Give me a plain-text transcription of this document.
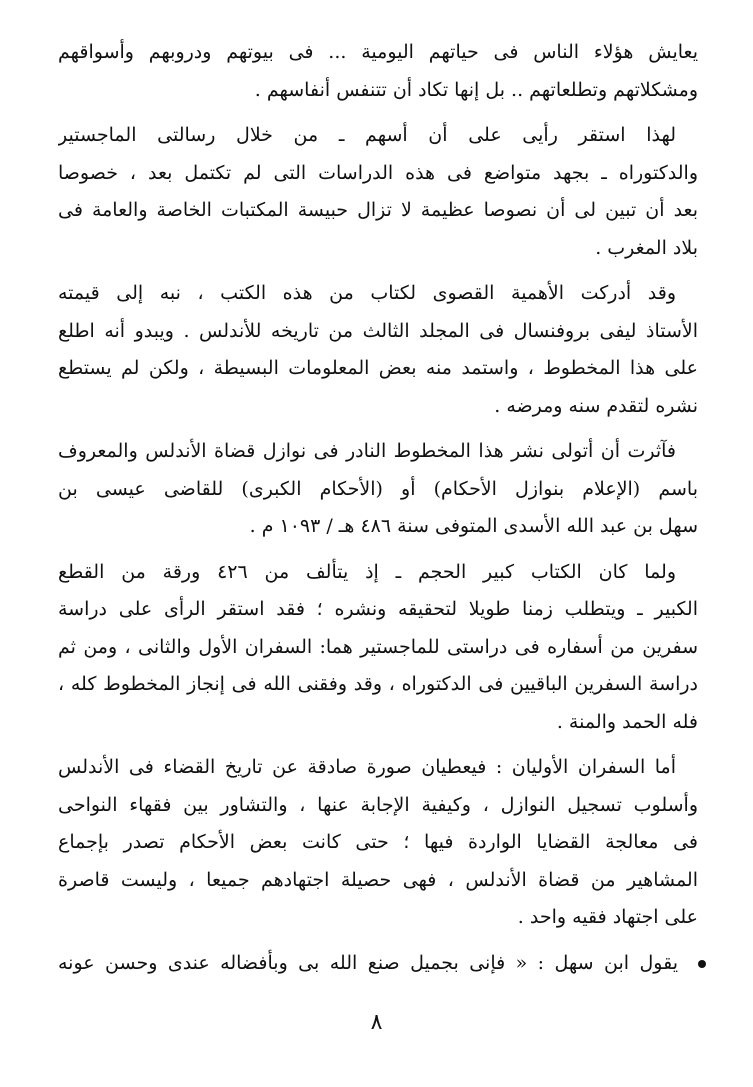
يعايش هؤلاء الناس فى حياتهم اليومية ... فى بيوتهم ودروبهم وأسواقهم
ومشكلاتهم وتطلعاتهم .. بل إنها تكاد أن تتنفس أنفاسهم .
لهذا استقر رأيى على أن أسهم ـ من خلال رسالتى الماجستير
والدكتوراه ـ بجهد متواضع فى هذه الدراسات التى لم تكتمل بعد ، خصوصا
بعد أن تبين لى أن نصوصا عظيمة لا تزال حبيسة المكتبات الخاصة والعامة فى
بلاد المغرب .
وقد أدركت الأهمية القصوى لكتاب من هذه الكتب ، نبه إلى قيمته
الأستاذ ليفى بروفنسال فى المجلد الثالث من تاريخه للأندلس . ويبدو أنه اطلع
على هذا المخطوط ، واستمد منه بعض المعلومات البسيطة ، ولكن لم يستطع
نشره لتقدم سنه ومرضه .
فآثرت أن أتولى نشر هذا المخطوط النادر فى نوازل قضاة الأندلس والمعروف
باسم (الإعلام بنوازل الأحكام) أو (الأحكام الكبرى) للقاضى عيسى بن
سهل بن عبد الله الأسدى المتوفى سنة ٤٨٦ هـ / ١٠٩٣ م .
ولما كان الكتاب كبير الحجم ـ إذ يتألف من ٤٢٦ ورقة من القطع
الكبير ـ ويتطلب زمنا طويلا لتحقيقه ونشره ؛ فقد استقر الرأى على دراسة
سفرين من أسفاره فى دراستى للماجستير هما: السفران الأول والثانى ، ومن ثم
دراسة السفرين الباقيين فى الدكتوراه ، وقد وفقنى الله فى إنجاز المخطوط كله ،
فله الحمد والمنة .
أما السفران الأوليان : فيعطيان صورة صادقة عن تاريخ القضاء فى الأندلس
وأسلوب تسجيل النوازل ، وكيفية الإجابة عنها ، والتشاور بين فقهاء النواحى
فى معالجة القضايا الواردة فيها ؛ حتى كانت بعض الأحكام تصدر بإجماع
المشاهير من قضاة الأندلس ، فهى حصيلة اجتهادهم جميعا ، وليست قاصرة
على اجتهاد فقيه واحد .
يقول ابن سهل : « فإنى بجميل صنع الله بى وبأفضاله عندى وحسن عونه
٨
